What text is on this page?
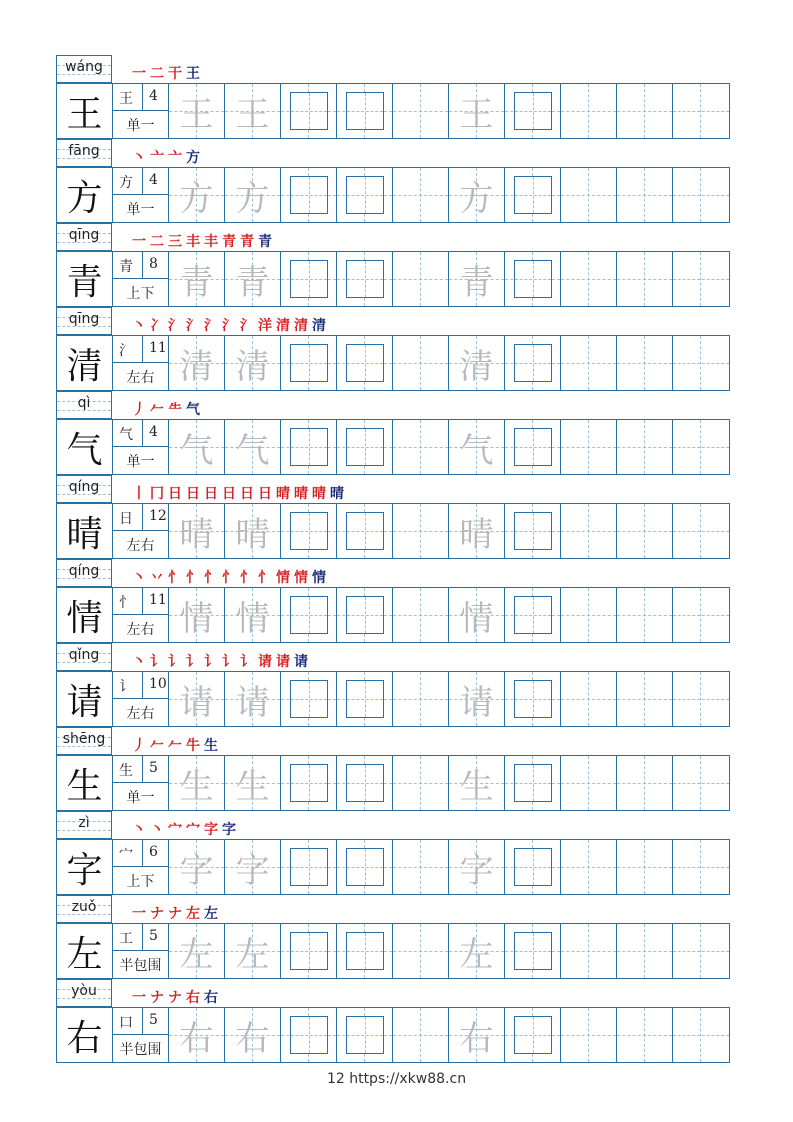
wáng	一 二 干 王
王	王 4
单一 王 王	王
fāng	丶 亠 亠 方
方	方 4
单一 方 方	方
qīng	一 二 三 丰 丰 青 青 青
青	青 8
上下 青 青	青
qīng	丶 冫 氵 氵 氵 氵 氵 洋 清 清 清
清	氵 11
左右 清 清	清
qì	丿 𠂉 ⺧ 气
气	气 4
单一 气 气	气
qíng	丨 冂 日 日 日 日 日 日 晴 晴 晴 晴
晴	日 12
左右 晴 晴	晴
qíng	丶 丷 忄 忄 忄 忄 忄 忄 情 情 情
情	忄 11
左右 情 情	情
qǐng	丶 讠 讠 讠 讠 讠 讠 请 请 请
请	讠 10
左右 请 请	请
shēng	丿 𠂉 𠂉 牛 生
生	生 5
单一 生 生	生
zì	丶 丶 宀 宀 字 字
字	宀 6
上下 字 字	字
zuǒ	一 ナ ナ 左 左
左	工 5
半包围 左 左	左
yòu	一 ナ ナ 右 右
右	口 5
半包围 右 右	右
12 https://xkw88.cn
